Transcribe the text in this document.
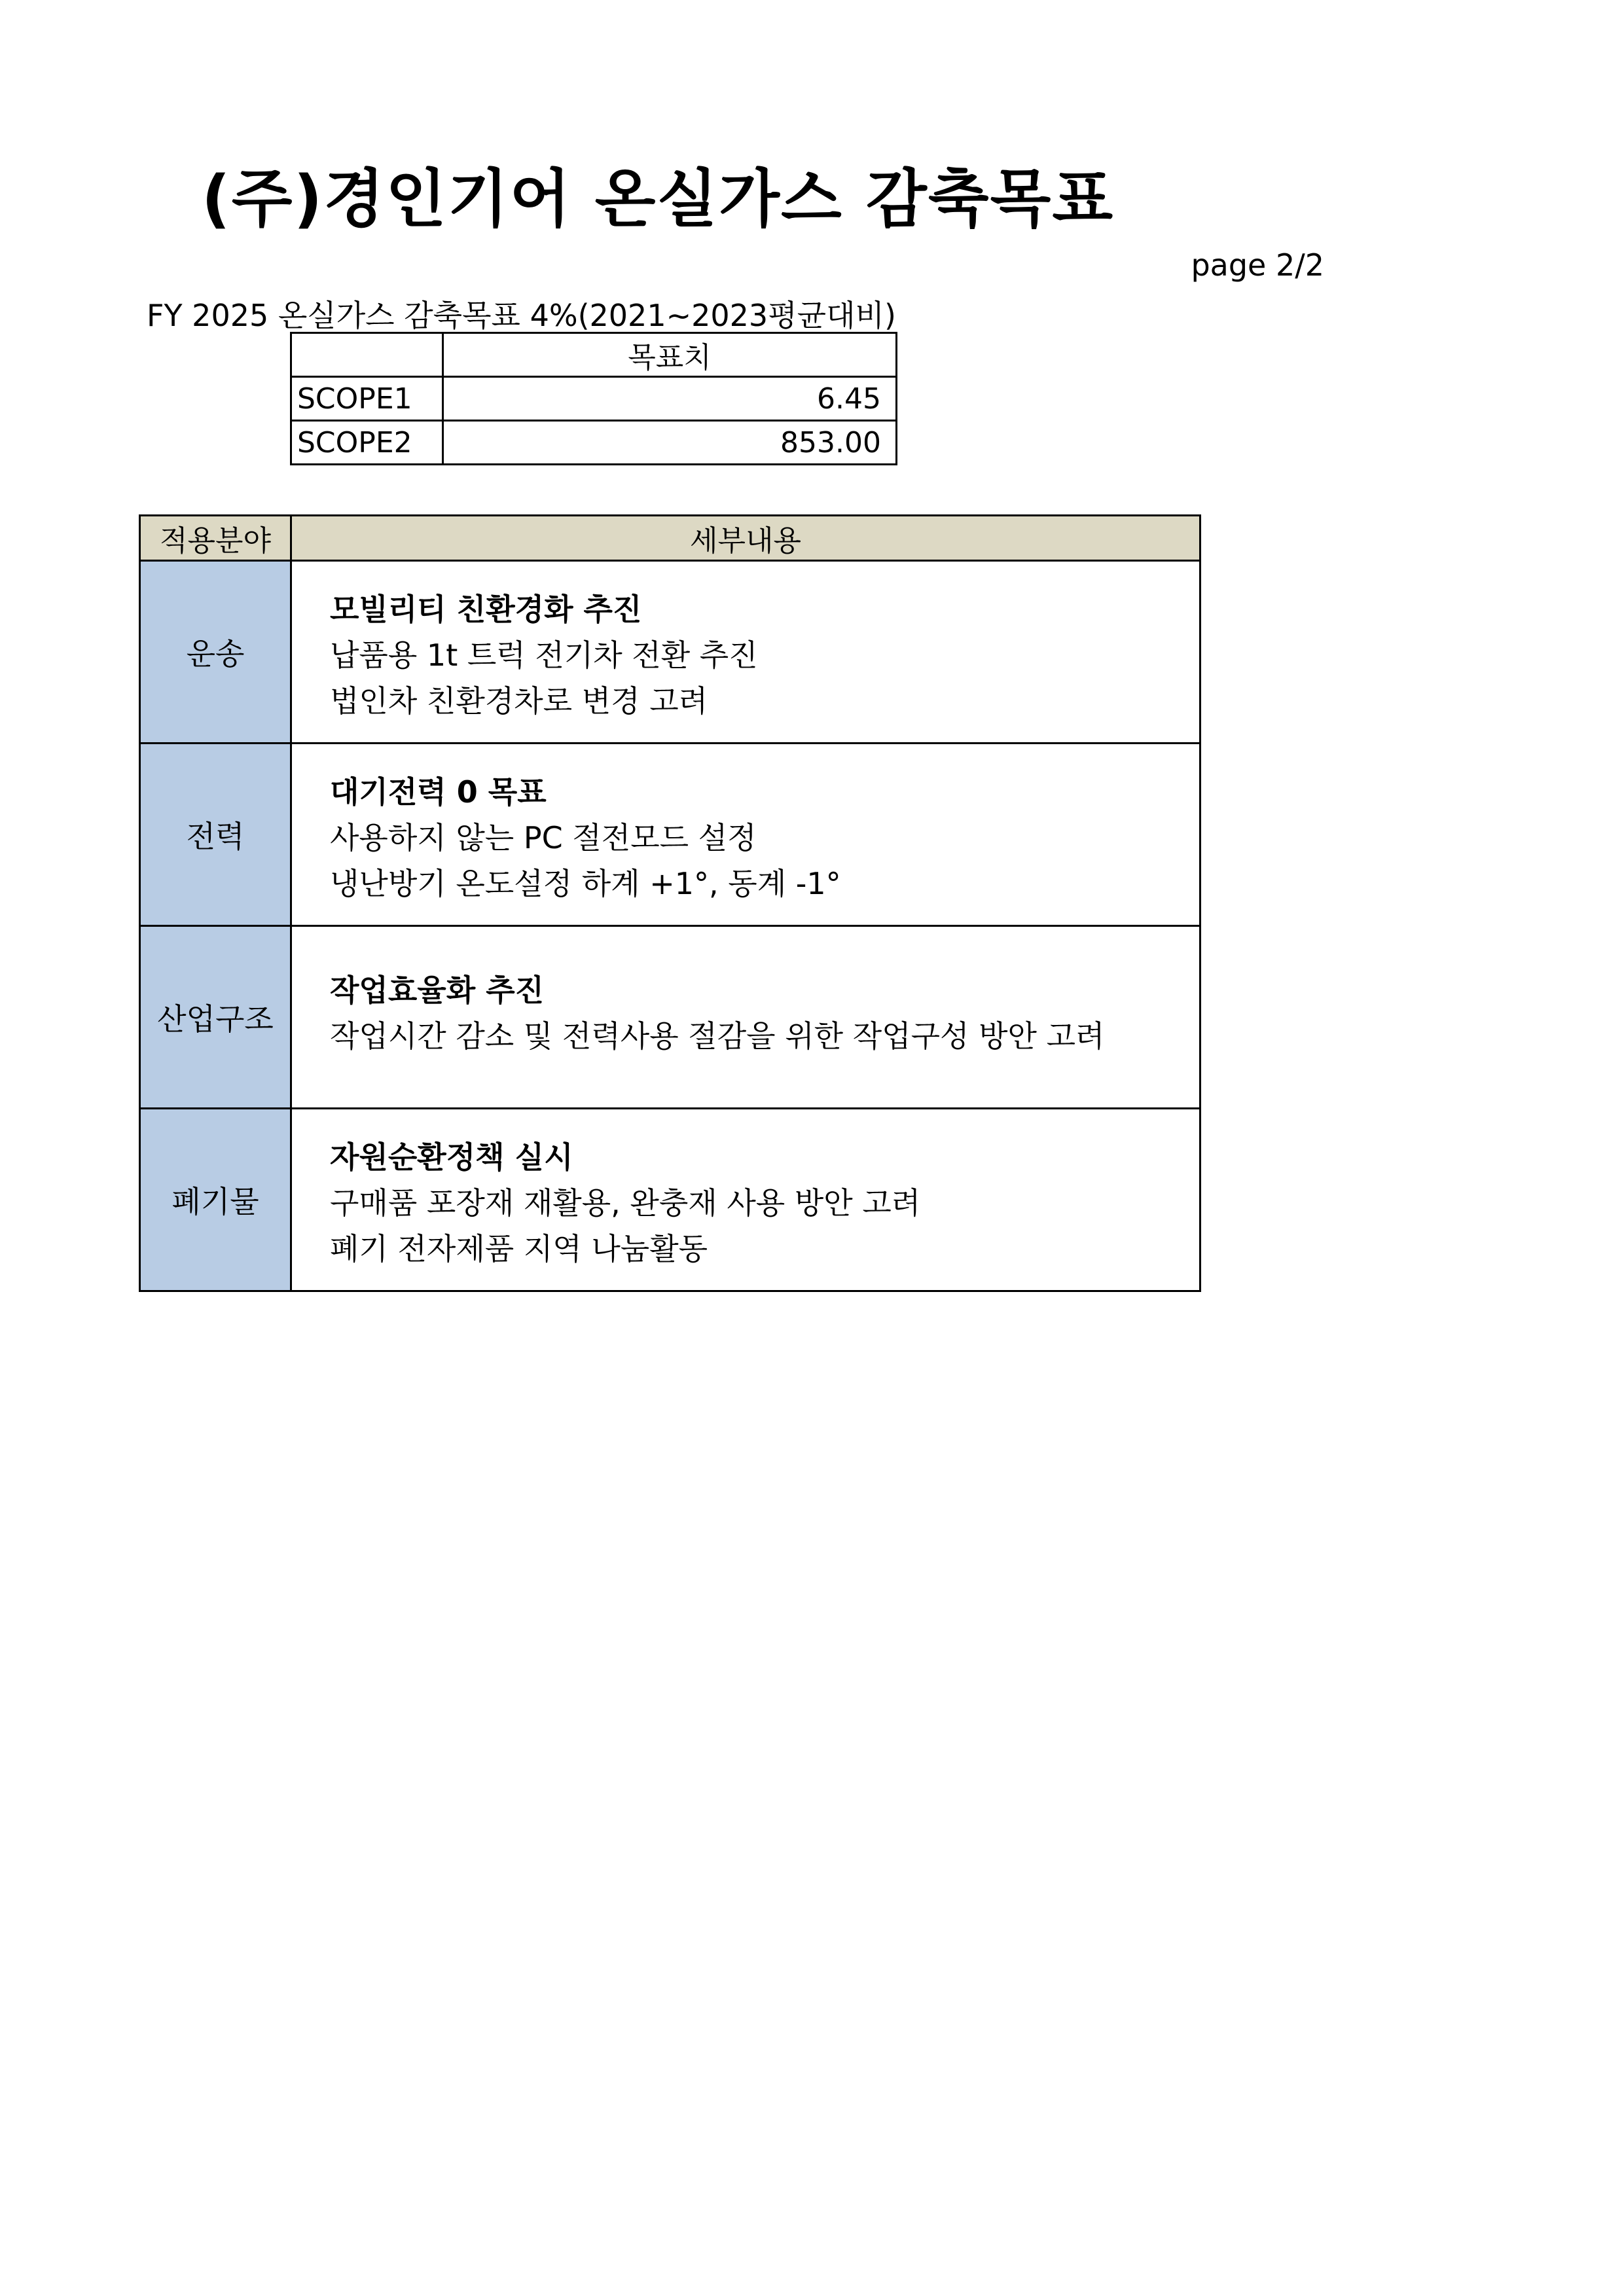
(주)경인기어 온실가스 감축목표
page 2/2
FY 2025 온실가스 감축목표 4%(2021~2023평균대비)
	목표치
SCOPE1	6.45
SCOPE2	853.00
적용분야	세부내용
운송	모빌리티 친환경화 추진
납품용 1t 트럭 전기차 전환 추진
법인차 친환경차로 변경 고려

전력	대기전력 0 목표
사용하지 않는 PC 절전모드 설정
냉난방기 온도설정 하계 +1°, 동계 -1°

산업구조	작업효율화 추진
작업시간 감소 및 전력사용 절감을 위한 작업구성 방안 고려

폐기물	자원순환정책 실시
구매품 포장재 재활용, 완충재 사용 방안 고려
폐기 전자제품 지역 나눔활동
